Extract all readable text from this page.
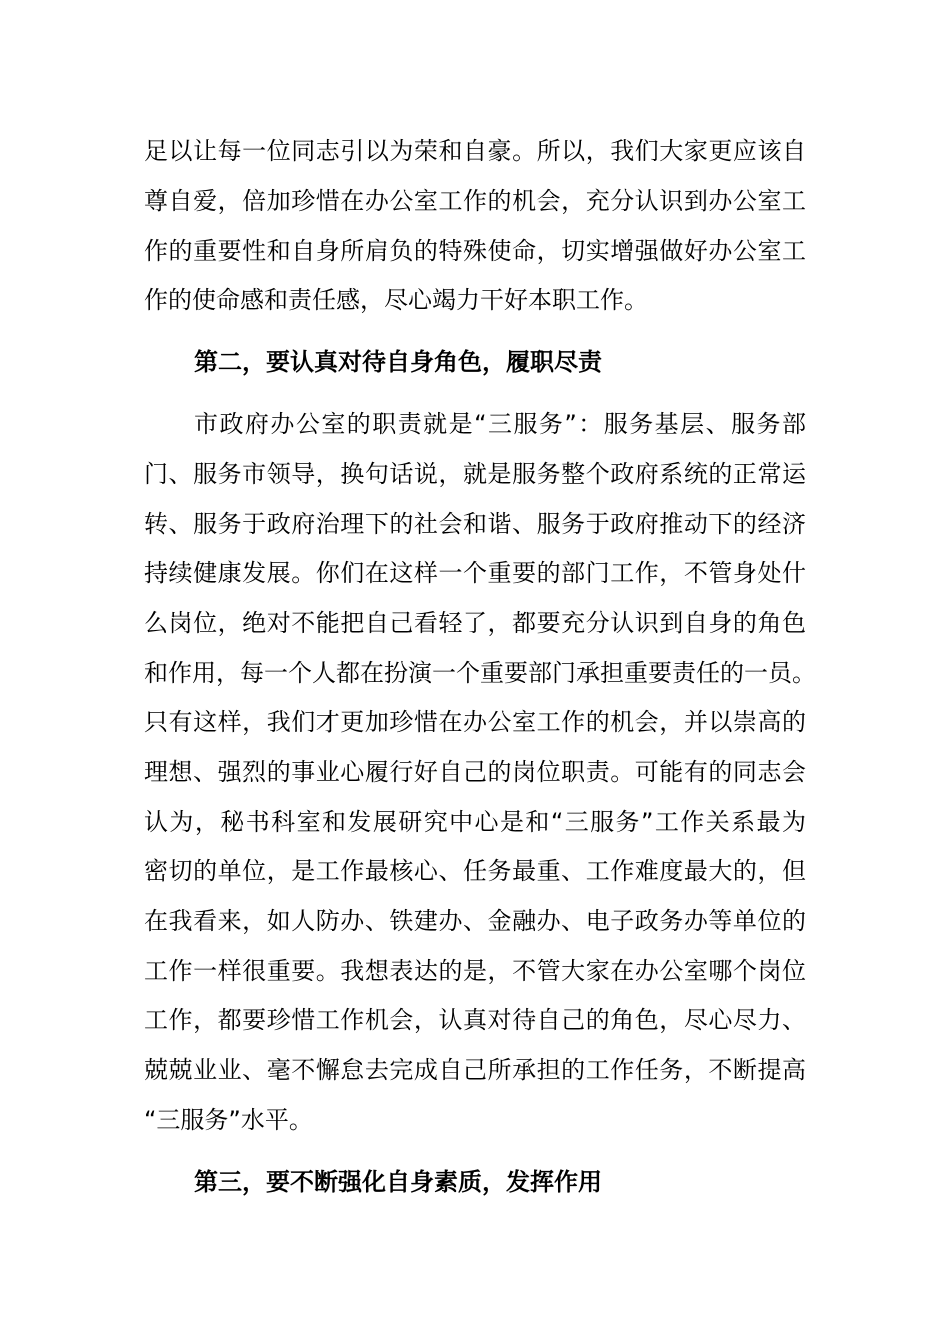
足以让每一位同志引以为荣和自豪。所以，我们大家更应该自
尊自爱，倍加珍惜在办公室工作的机会，充分认识到办公室工
作的重要性和自身所肩负的特殊使命，切实增强做好办公室工
作的使命感和责任感，尽心竭力干好本职工作。
第二，要认真对待自身角色，履职尽责
市政府办公室的职责就是“三服务”：服务基层、服务部
门、服务市领导，换句话说，就是服务整个政府系统的正常运
转、服务于政府治理下的社会和谐、服务于政府推动下的经济
持续健康发展。你们在这样一个重要的部门工作，不管身处什
么岗位，绝对不能把自己看轻了，都要充分认识到自身的角色
和作用，每一个人都在扮演一个重要部门承担重要责任的一员。
只有这样，我们才更加珍惜在办公室工作的机会，并以崇高的
理想、强烈的事业心履行好自己的岗位职责。可能有的同志会
认为，秘书科室和发展研究中心是和“三服务”工作关系最为
密切的单位，是工作最核心、任务最重、工作难度最大的，但
在我看来，如人防办、铁建办、金融办、电子政务办等单位的
工作一样很重要。我想表达的是，不管大家在办公室哪个岗位
工作，都要珍惜工作机会，认真对待自己的角色，尽心尽力、
兢兢业业、毫不懈怠去完成自己所承担的工作任务，不断提高
“三服务”水平。
第三，要不断强化自身素质，发挥作用
